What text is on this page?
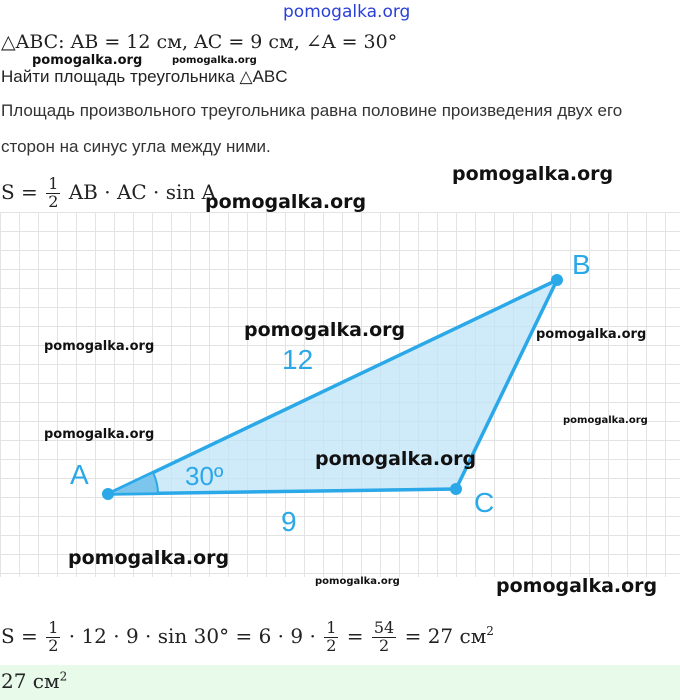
pomogalka.org
△ABC: AB = 12 см, AC = 9 см, ∠A = 30°
Найти площадь треугольника △ABC
Площадь произвольного треугольника равна половине произведения двух его
сторон на синус угла между ними.
$S = \frac{1}{2}$ AB · AC · sin A
A
B
C
12
9
30º
$S = \frac{1}{2} \cdot 12 \cdot 9 \cdot \sin 30^\circ = 6 \cdot 9 \cdot \frac{1}{2} = \frac{54}{2} = 27$ $см^2$
27 $см^2$
pomogalka.org	pomogalka.org
pomogalka.org
pomogalka.org
pomogalka.org
pomogalka.org
pomogalka.org
pomogalka.org
pomogalka.org
pomogalka.org
pomogalka.org
pomogalka.org	pomogalka.org
